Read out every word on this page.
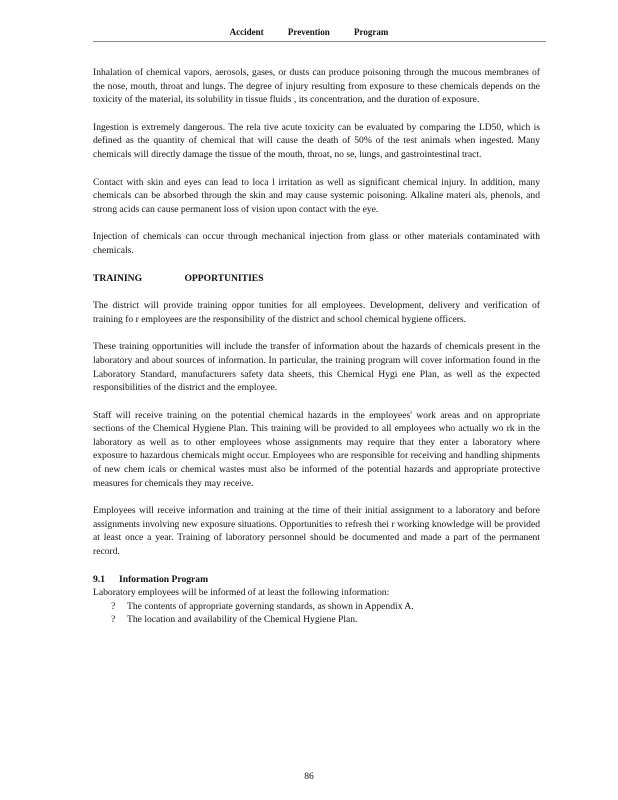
Accident Prevention Program

Inhalation of chemical vapors, aerosols, gases, or dusts can produce poisoning through the mucous membranes of the nose, mouth, throat and lungs. The degree of injury resulting from exposure to these chemicals depends on the toxicity of the material, its solubility in tissue fluids , its concentration, and the duration of exposure.

Ingestion is extremely dangerous. The rela tive acute toxicity can be evaluated by comparing the LD50, which is defined as the quantity of chemical that will cause the death of 50% of the test animals when ingested. Many chemicals will directly damage the tissue of the mouth, throat, no se, lungs, and gastrointestinal tract.

Contact with skin and eyes can lead to loca l irritation as well as significant chemical injury. In addition, many chemicals can be absorbed through the skin and may cause systemic poisoning. Alkaline materi als, phenols, and strong acids can cause permanent loss of vision upon contact with the eye.

Injection of chemicals can occur through mechanical injection from glass or other materials contaminated with chemicals.

TRAINING OPPORTUNITIES

The district will provide training oppor tunities for all employees. Development, delivery and verification of training fo r employees are the responsibility of the district and school chemical hygiene officers.

These training opportunities will include the transfer of information about the hazards of chemicals present in the laboratory and about sources of information. In particular, the training program will cover information found in the Laboratory Standard, manufacturers safety data sheets, this Chemical Hygi ene Plan, as well as the expected responsibilities of the district and the employee.

Staff will receive training on the potential chemical hazards in the employees' work areas and on appropriate sections of the Chemical Hygiene Plan. This training will be provided to all employees who actually wo rk in the laboratory as well as to other employees whose assignments may require that they enter a laboratory where exposure to hazardous chemicals might occur. Employees who are responsible for receiving and handling shipments of new chem icals or chemical wastes must also be informed of the potential hazards and appropriate protective measures for chemicals they may receive.

Employees will receive information and training at the time of their initial assignment to a laboratory and before assignments involving new exposure situations. Opportunities to refresh thei r working knowledge will be provided at least once a year. Training of laboratory personnel should be documented and made a part of the permanent record.

9.1 Information Program
Laboratory employees will be informed of at least the following information:
? The contents of appropriate governing standards, as shown in Appendix A.
? The location and availability of the Chemical Hygiene Plan.
86
